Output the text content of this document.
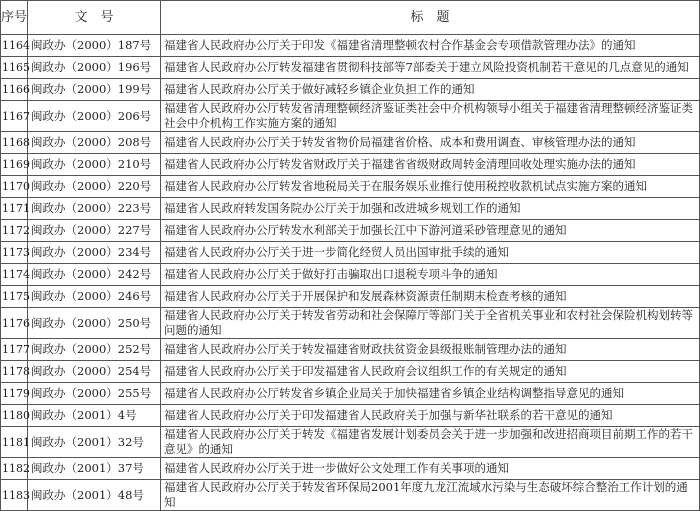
序号	文　号	标　题
1164	闽政办（2000）187号	福建省人民政府办公厅关于印发《福建省清理整顿农村合作基金会专项借款管理办法》的通知
1165	闽政办（2000）196号	福建省人民政府办公厅转发福建省贯彻科技部等7部委关于建立风险投资机制若干意见的几点意见的通知
1166	闽政办（2000）199号	福建省人民政府办公厅关于做好减轻乡镇企业负担工作的通知
1167	闽政办（2000）206号	福建省人民政府办公厅转发省清理整顿经济鉴证类社会中介机构领导小组关于福建省清理整顿经济鉴证类社会中介机构工作实施方案的通知
1168	闽政办（2000）208号	福建省人民政府办公厅关于转发省物价局福建省价格、成本和费用调查、审核管理办法的通知
1169	闽政办（2000）210号	福建省人民政府办公厅转发省财政厅关于福建省省级财政周转金清理回收处理实施办法的通知
1170	闽政办（2000）220号	福建省人民政府办公厅转发省地税局关于在服务娱乐业推行使用税控收款机试点实施方案的通知
1171	闽政办（2000）223号	福建省人民政府转发国务院办公厅关于加强和改进城乡规划工作的通知
1172	闽政办（2000）227号	福建省人民政府办公厅转发水利部关于加强长江中下游河道采砂管理意见的通知
1173	闽政办（2000）234号	福建省人民政府办公厅关于进一步简化经贸人员出国审批手续的通知
1174	闽政办（2000）242号	福建省人民政府办公厅关于做好打击骗取出口退税专项斗争的通知
1175	闽政办（2000）246号	福建省人民政府办公厅关于开展保护和发展森林资源责任制期末检查考核的通知
1176	闽政办（2000）250号	福建省人民政府办公厅关于转发省劳动和社会保障厅等部门关于全省机关事业和农村社会保险机构划转等问题的通知
1177	闽政办（2000）252号	福建省人民政府办公厅关于转发福建省财政扶贫资金县级报账制管理办法的通知
1178	闽政办（2000）254号	福建省人民政府办公厅关于印发福建省人民政府会议组织工作的有关规定的通知
1179	闽政办（2000）255号	福建省人民政府办公厅转发省乡镇企业局关于加快福建省乡镇企业结构调整指导意见的通知
1180	闽政办（2001）4号	福建省人民政府办公厅关于印发福建省人民政府关于加强与新华社联系的若干意见的通知
1181	闽政办（2001）32号	福建省人民政府办公厅关于转发《福建省发展计划委员会关于进一步加强和改进招商项目前期工作的若干意见》的通知
1182	闽政办（2001）37号	福建省人民政府办公厅关于进一步做好公文处理工作有关事项的通知
1183	闽政办（2001）48号	福建省人民政府办公厅关于转发省环保局2001年度九龙江流域水污染与生态破坏综合整治工作计划的通知
